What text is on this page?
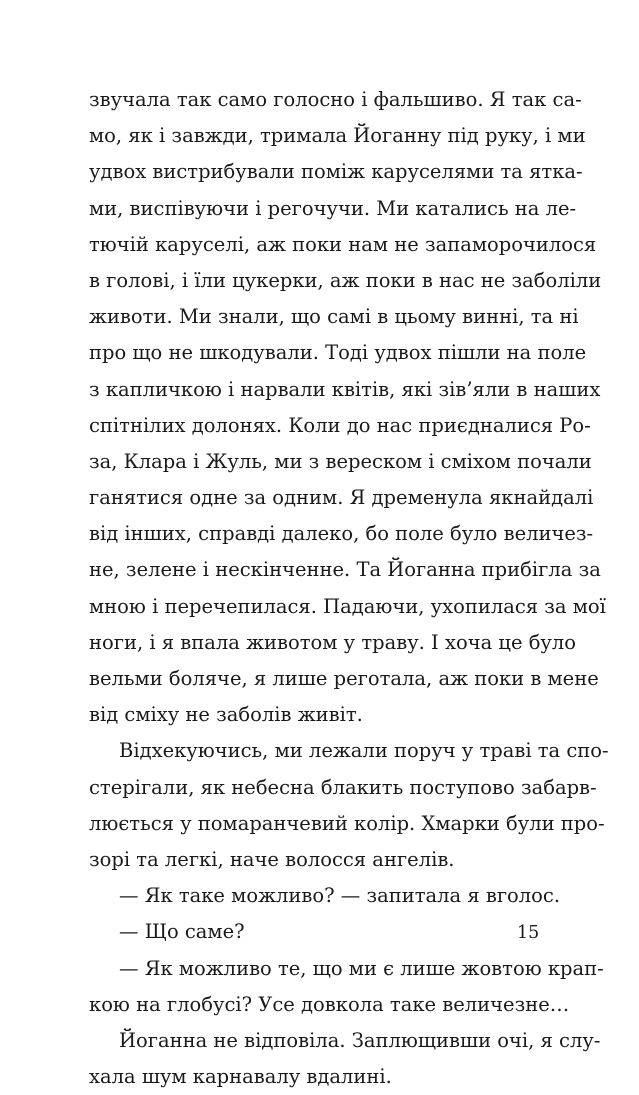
звучала так само голосно і фальшиво. Я так са-
мо, як і завжди, тримала Йоганну під руку, і ми
удвох вистрибували поміж каруселями та ятка-
ми, виспівуючи і регочучи. Ми катались на ле-
тючій каруселі, аж поки нам не запаморочилося
в голові, і їли цукерки, аж поки в нас не заболіли
животи. Ми знали, що самі в цьому винні, та ні
про що не шкодували. Тоді удвох пішли на поле
з капличкою і нарвали квітів, які зів’яли в наших
спітнілих долонях. Коли до нас приєдналися Ро-
за, Клара і Жуль, ми з вереском і сміхом почали
ганятися одне за одним. Я дременула якнайдалі
від інших, справді далеко, бо поле було величез-
не, зелене і нескінченне. Та Йоганна прибігла за
мною і перечепилася. Падаючи, ухопилася за мої
ноги, і я впала животом у траву. І хоча це було
вельми боляче, я лише реготала, аж поки в мене
від сміху не заболів живіт.
Відхекуючись, ми лежали поруч у траві та спо-
стерігали, як небесна блакить поступово забарв-
люється у помаранчевий колір. Хмарки були про-
зорі та легкі, наче волосся ангелів.
— Як таке можливо? — запитала я вголос.
— Що саме?
— Як можливо те, що ми є лише жовтою крап-
кою на глобусі? Усе довкола таке величезне…
Йоганна не відповіла. Заплющивши очі, я слу-
хала шум карнавалу вдалині.
15
